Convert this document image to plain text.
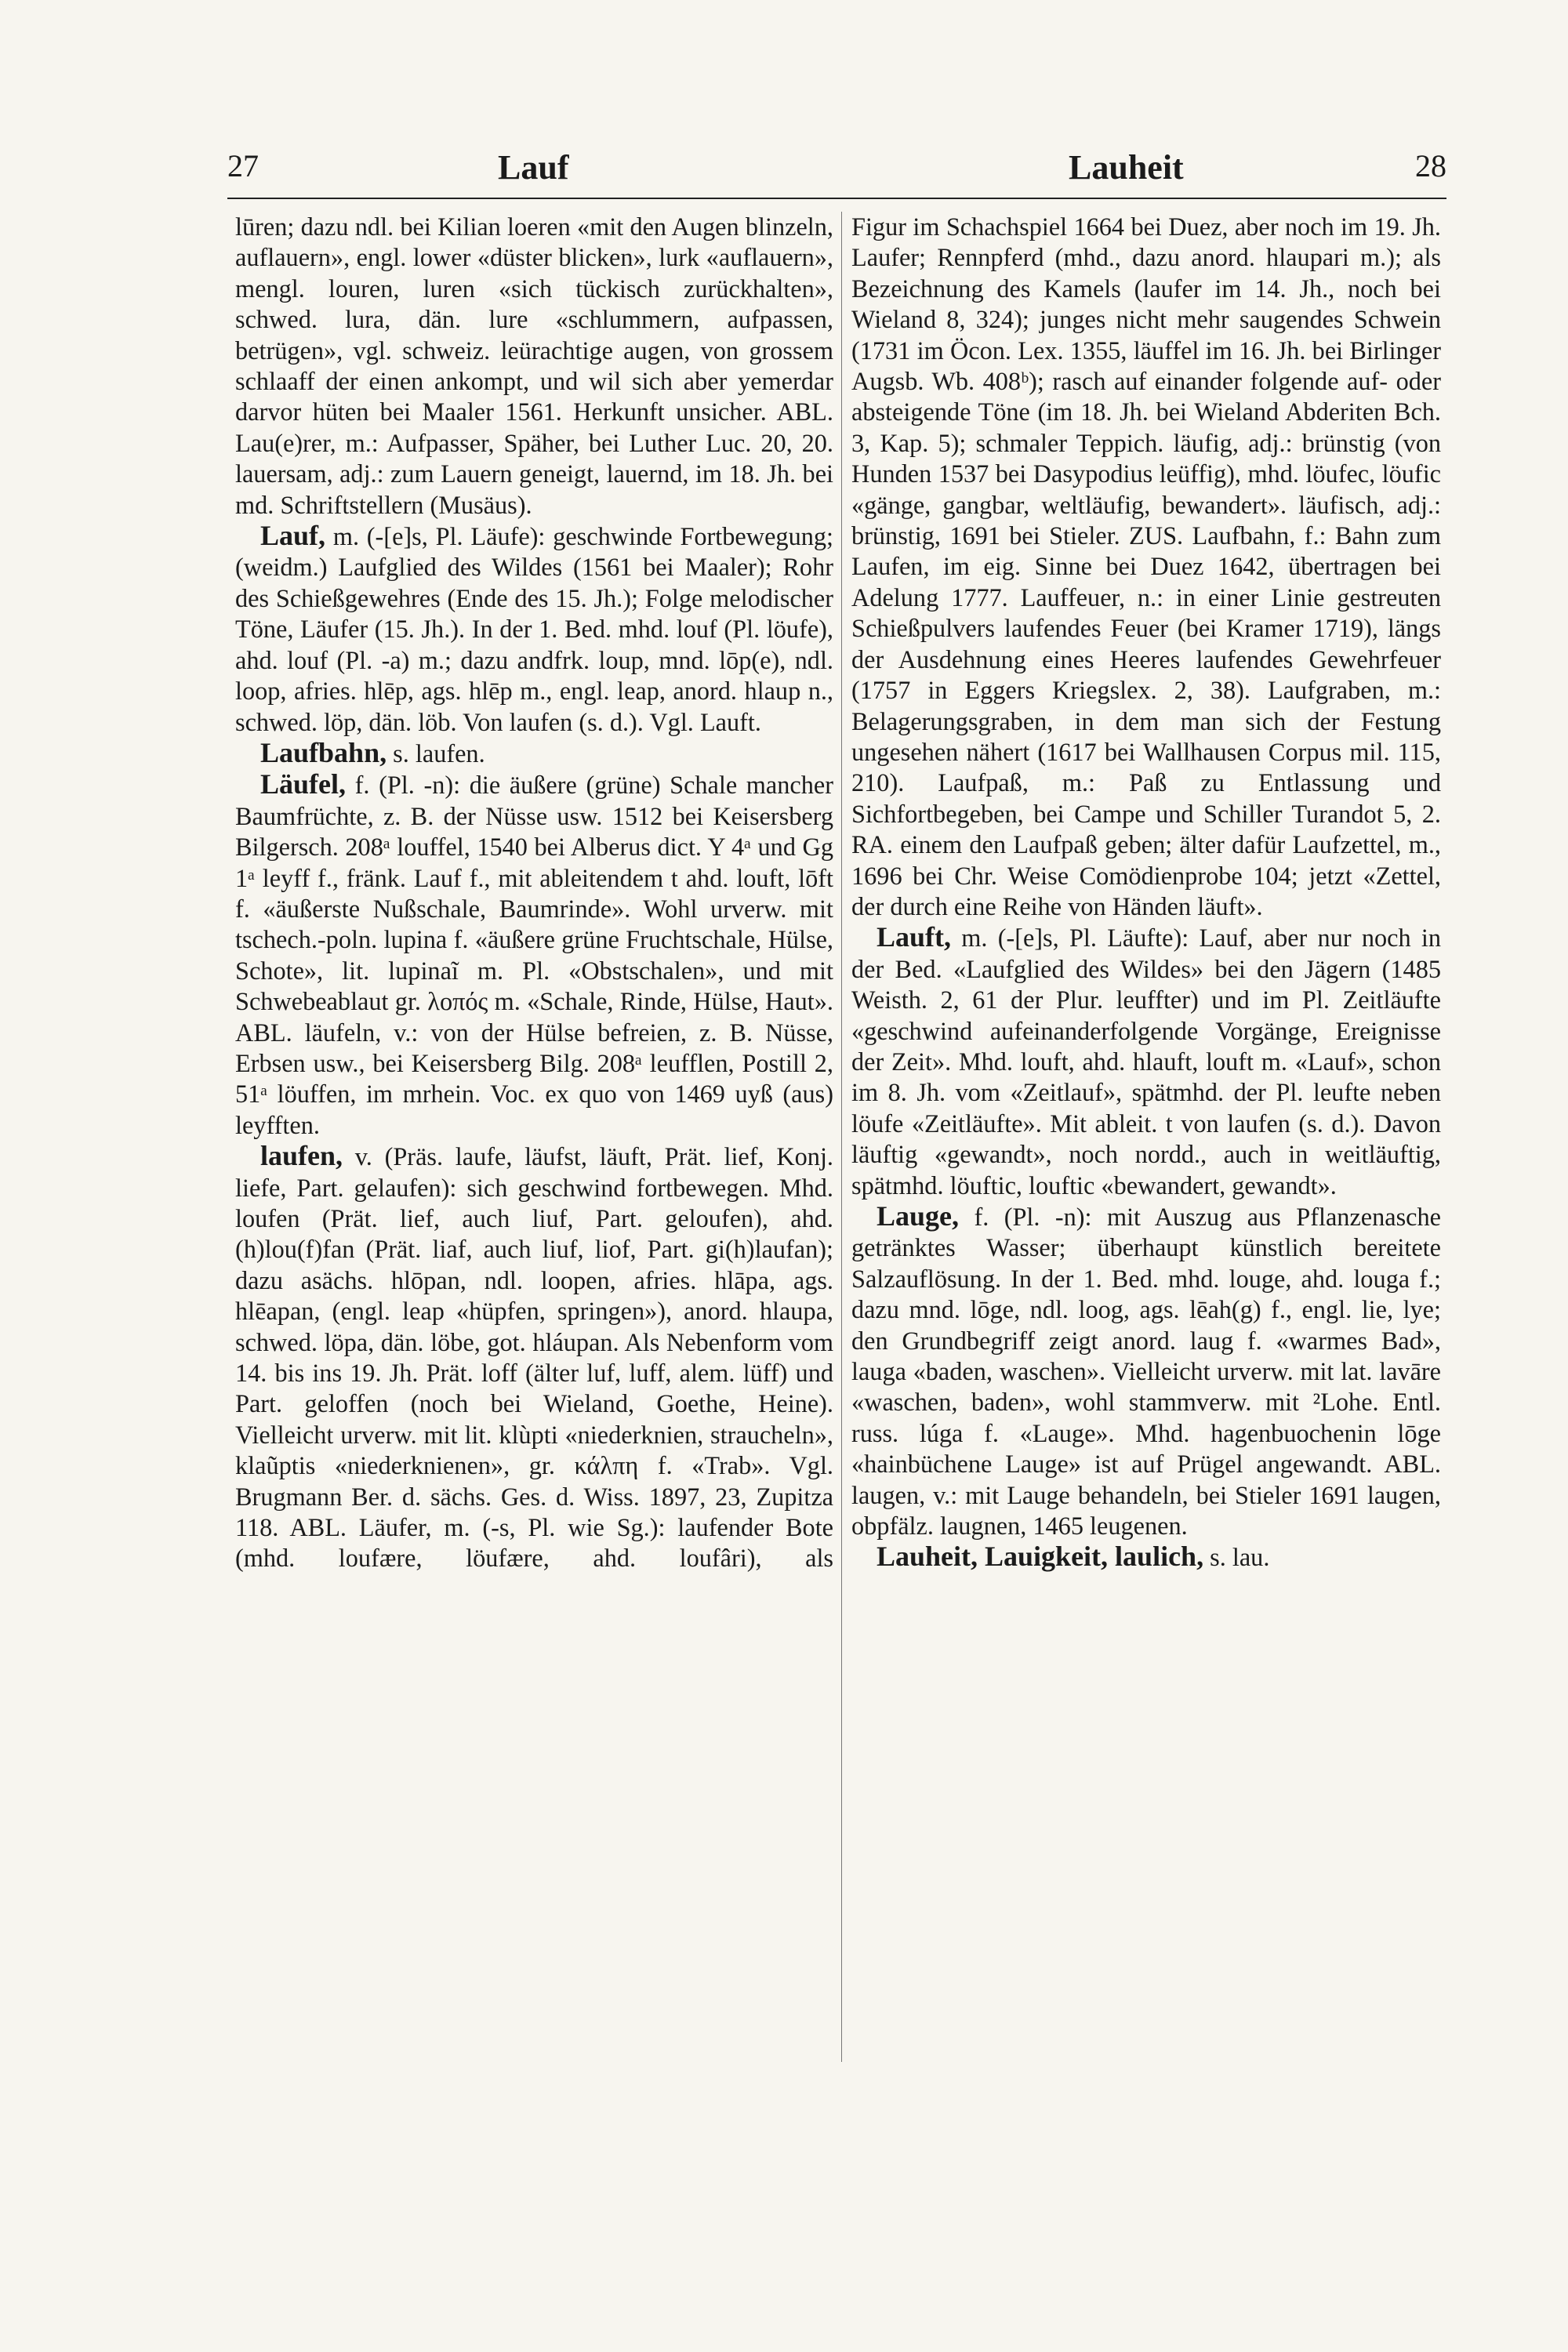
27	Lauf	Lauheit	28

lūren; dazu ndl. bei Kilian loeren «mit den Augen blinzeln, auflauern», engl. lower «düster blicken», lurk «auflauern», mengl. louren, luren «sich tückisch zurückhalten», schwed. lura, dän. lure «schlummern, aufpassen, betrügen», vgl. schweiz. leürachtige augen, von grossem schlaaff der einen ankompt, und wil sich aber yemerdar darvor hüten bei Maaler 1561. Herkunft unsicher. ABL. Lau(e)rer, m.: Aufpasser, Späher, bei Luther Luc. 20, 20. lauersam, adj.: zum Lauern geneigt, lauernd, im 18. Jh. bei md. Schriftstellern (Musäus).

Lauf, m. (-[e]s, Pl. Läufe): geschwinde Fortbewegung; (weidm.) Laufglied des Wildes (1561 bei Maaler); Rohr des Schießgewehres (Ende des 15. Jh.); Folge melodischer Töne, Läufer (15. Jh.). In der 1. Bed. mhd. louf (Pl. löufe), ahd. louf (Pl. -a) m.; dazu andfrk. loup, mnd. lōp(e), ndl. loop, afries. hlēp, ags. hlēp m., engl. leap, anord. hlaup n., schwed. löp, dän. löb. Von laufen (s. d.). Vgl. Lauft.

Laufbahn, s. laufen.

Läufel, f. (Pl. -n): die äußere (grüne) Schale mancher Baumfrüchte, z. B. der Nüsse usw. 1512 bei Keisersberg Bilgersch. 208ᵃ louffel, 1540 bei Alberus dict. Y 4ᵃ und Gg 1ᵃ leyff f., fränk. Lauf f., mit ableitendem t ahd. louft, lōft f. «äußerste Nußschale, Baumrinde». Wohl urverw. mit tschech.-poln. lupina f. «äußere grüne Fruchtschale, Hülse, Schote», lit. lupinaĩ m. Pl. «Obstschalen», und mit Schwebeablaut gr. λοπός m. «Schale, Rinde, Hülse, Haut». ABL. läufeln, v.: von der Hülse befreien, z. B. Nüsse, Erbsen usw., bei Keisersberg Bilg. 208ᵃ leufflen, Postill 2, 51ᵃ löuffen, im mrhein. Voc. ex quo von 1469 uyß (aus) leyfften.

laufen, v. (Präs. laufe, läufst, läuft, Prät. lief, Konj. liefe, Part. gelaufen): sich geschwind fortbewegen. Mhd. loufen (Prät. lief, auch liuf, Part. geloufen), ahd. (h)lou(f)fan (Prät. liaf, auch liuf, liof, Part. gi(h)laufan); dazu asächs. hlōpan, ndl. loopen, afries. hlāpa, ags. hlēapan, (engl. leap «hüpfen, springen»), anord. hlaupa, schwed. löpa, dän. löbe, got. hláupan. Als Nebenform vom 14. bis ins 19. Jh. Prät. loff (älter luf, luff, alem. lüff) und Part. geloffen (noch bei Wieland, Goethe, Heine). Vielleicht urverw. mit lit. klùpti «niederknien, straucheln», klaũptis «niederknienen», gr. κάλπη f. «Trab». Vgl. Brugmann Ber. d. sächs. Ges. d. Wiss. 1897, 23, Zupitza 118. ABL. Läufer, m. (-s, Pl. wie Sg.): laufender Bote (mhd. loufære, löufære, ahd. loufâri), als

Figur im Schachspiel 1664 bei Duez, aber noch im 19. Jh. Laufer; Rennpferd (mhd., dazu anord. hlaupari m.); als Bezeichnung des Kamels (laufer im 14. Jh., noch bei Wieland 8, 324); junges nicht mehr saugendes Schwein (1731 im Öcon. Lex. 1355, läuffel im 16. Jh. bei Birlinger Augsb. Wb. 408ᵇ); rasch auf einander folgende auf- oder absteigende Töne (im 18. Jh. bei Wieland Abderiten Bch. 3, Kap. 5); schmaler Teppich. läufig, adj.: brünstig (von Hunden 1537 bei Dasypodius leüffig), mhd. löufec, löufic «gänge, gangbar, weltläufig, bewandert». läufisch, adj.: brünstig, 1691 bei Stieler. ZUS. Laufbahn, f.: Bahn zum Laufen, im eig. Sinne bei Duez 1642, übertragen bei Adelung 1777. Lauffeuer, n.: in einer Linie gestreuten Schießpulvers laufendes Feuer (bei Kramer 1719), längs der Ausdehnung eines Heeres laufendes Gewehrfeuer (1757 in Eggers Kriegslex. 2, 38). Laufgraben, m.: Belagerungsgraben, in dem man sich der Festung ungesehen nähert (1617 bei Wallhausen Corpus mil. 115, 210). Laufpaß, m.: Paß zu Entlassung und Sichfortbegeben, bei Campe und Schiller Turandot 5, 2. RA. einem den Laufpaß geben; älter dafür Laufzettel, m., 1696 bei Chr. Weise Comödienprobe 104; jetzt «Zettel, der durch eine Reihe von Händen läuft».

Lauft, m. (-[e]s, Pl. Läufte): Lauf, aber nur noch in der Bed. «Laufglied des Wildes» bei den Jägern (1485 Weisth. 2, 61 der Plur. leuffter) und im Pl. Zeitläufte «geschwind aufeinanderfolgende Vorgänge, Ereignisse der Zeit». Mhd. louft, ahd. hlauft, louft m. «Lauf», schon im 8. Jh. vom «Zeitlauf», spätmhd. der Pl. leufte neben löufe «Zeitläufte». Mit ableit. t von laufen (s. d.). Davon läuftig «gewandt», noch nordd., auch in weitläuftig, spätmhd. löuftic, louftic «bewandert, gewandt».

Lauge, f. (Pl. -n): mit Auszug aus Pflanzenasche getränktes Wasser; überhaupt künstlich bereitete Salzauflösung. In der 1. Bed. mhd. louge, ahd. louga f.; dazu mnd. lōge, ndl. loog, ags. lēah(g) f., engl. lie, lye; den Grundbegriff zeigt anord. laug f. «warmes Bad», lauga «baden, waschen». Vielleicht urverw. mit lat. lavāre «waschen, baden», wohl stammverw. mit ²Lohe. Entl. russ. lúga f. «Lauge». Mhd. hagenbuochenin lōge «hainbüchene Lauge» ist auf Prügel angewandt. ABL. laugen, v.: mit Lauge behandeln, bei Stieler 1691 laugen, obpfälz. laugnen, 1465 leugenen.

Lauheit, Lauigkeit, laulich, s. lau.
